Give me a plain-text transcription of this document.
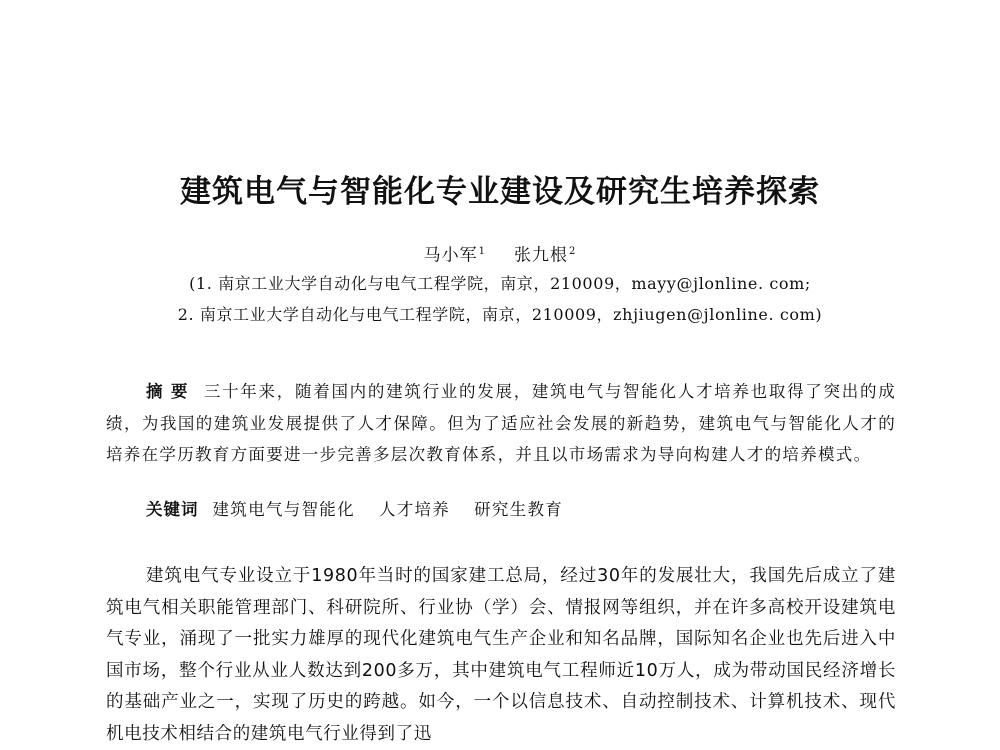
建筑电气与智能化专业建设及研究生培养探索
马小军$^1$ 张九根$^2$
(1. 南京工业大学自动化与电气工程学院，南京，210009，mayy@jlonline. com;
2. 南京工业大学自动化与电气工程学院，南京，210009，zhjiugen@jlonline. com)

摘要 三十年来，随着国内的建筑行业的发展，建筑电气与智能化人才培养也取得了突出的成绩，为我国的建筑业发展提供了人才保障。但为了适应社会发展的新趋势，建筑电气与智能化人才的培养在学历教育方面要进一步完善多层次教育体系，并且以市场需求为导向构建人才的培养模式。

关键词 建筑电气与智能化 人才培养 研究生教育

建筑电气专业设立于1980年当时的国家建工总局，经过30年的发展壮大，我国先后成立了建筑电气相关职能管理部门、科研院所、行业协（学）会、情报网等组织，并在许多高校开设建筑电气专业，涌现了一批实力雄厚的现代化建筑电气生产企业和知名品牌，国际知名企业也先后进入中国市场，整个行业从业人数达到200多万，其中建筑电气工程师近10万人，成为带动国民经济增长的基础产业之一，实现了历史的跨越。如今，一个以信息技术、自动控制技术、计算机技术、现代机电技术相结合的建筑电气行业得到了迅
